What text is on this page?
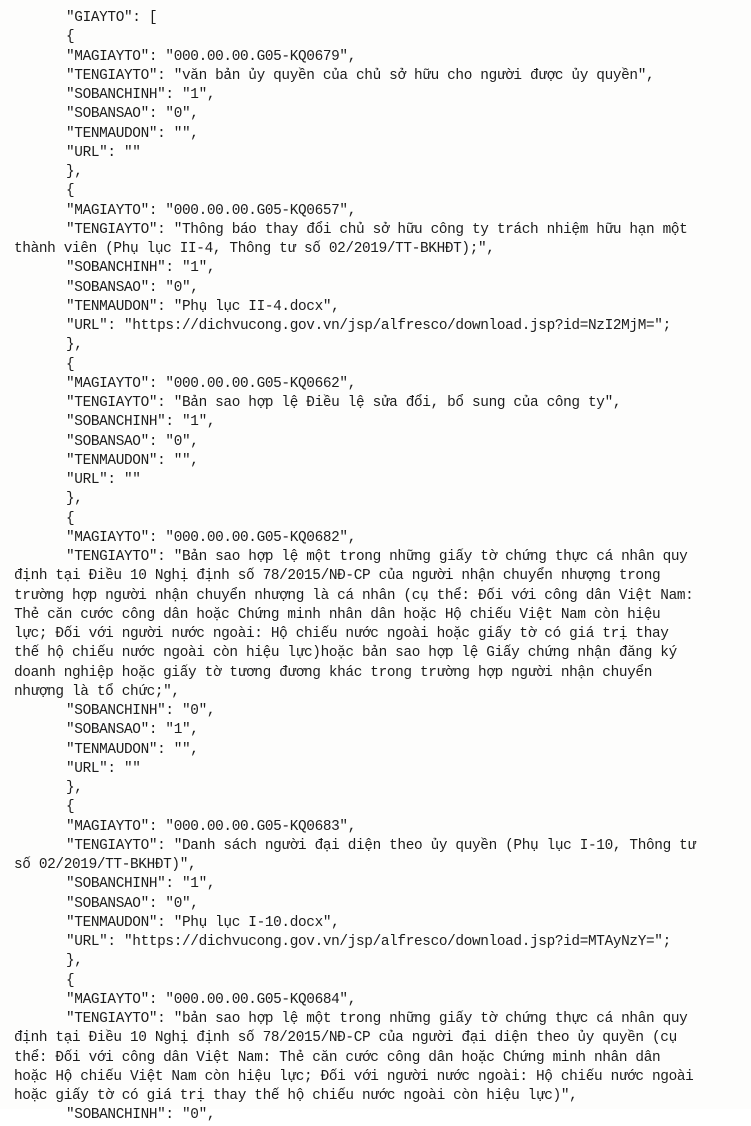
"GIAYTO": [
{
"MAGIAYTO": "000.00.00.G05-KQ0679",
"TENGIAYTO": "văn bản ủy quyền của chủ sở hữu cho người được ủy quyền",
"SOBANCHINH": "1",
"SOBANSAO": "0",
"TENMAUDON": "",
"URL": ""
},
{
"MAGIAYTO": "000.00.00.G05-KQ0657",
"TENGIAYTO": "Thông báo thay đổi chủ sở hữu công ty trách nhiệm hữu hạn một
thành viên (Phụ lục II-4, Thông tư số 02/2019/TT-BKHĐT);",
"SOBANCHINH": "1",
"SOBANSAO": "0",
"TENMAUDON": "Phụ lục II-4.docx",
"URL": "https://dichvucong.gov.vn/jsp/alfresco/download.jsp?id=NzI2MjM=";
},
{
"MAGIAYTO": "000.00.00.G05-KQ0662",
"TENGIAYTO": "Bản sao hợp lệ Điều lệ sửa đổi, bổ sung của công ty",
"SOBANCHINH": "1",
"SOBANSAO": "0",
"TENMAUDON": "",
"URL": ""
},
{
"MAGIAYTO": "000.00.00.G05-KQ0682",
"TENGIAYTO": "Bản sao hợp lệ một trong những giấy tờ chứng thực cá nhân quy
định tại Điều 10 Nghị định số 78/2015/NĐ-CP của người nhận chuyển nhượng trong
trường hợp người nhận chuyển nhượng là cá nhân (cụ thể: Đối với công dân Việt Nam:
Thẻ căn cước công dân hoặc Chứng minh nhân dân hoặc Hộ chiếu Việt Nam còn hiệu
lực; Đối với người nước ngoài: Hộ chiếu nước ngoài hoặc giấy tờ có giá trị thay
thế hộ chiếu nước ngoài còn hiệu lực)hoặc bản sao hợp lệ Giấy chứng nhận đăng ký
doanh nghiệp hoặc giấy tờ tương đương khác trong trường hợp người nhận chuyển
nhượng là tổ chức;",
"SOBANCHINH": "0",
"SOBANSAO": "1",
"TENMAUDON": "",
"URL": ""
},
{
"MAGIAYTO": "000.00.00.G05-KQ0683",
"TENGIAYTO": "Danh sách người đại diện theo ủy quyền (Phụ lục I-10, Thông tư
số 02/2019/TT-BKHĐT)",
"SOBANCHINH": "1",
"SOBANSAO": "0",
"TENMAUDON": "Phụ lục I-10.docx",
"URL": "https://dichvucong.gov.vn/jsp/alfresco/download.jsp?id=MTAyNzY=";
},
{
"MAGIAYTO": "000.00.00.G05-KQ0684",
"TENGIAYTO": "bản sao hợp lệ một trong những giấy tờ chứng thực cá nhân quy
định tại Điều 10 Nghị định số 78/2015/NĐ-CP của người đại diện theo ủy quyền (cụ
thể: Đối với công dân Việt Nam: Thẻ căn cước công dân hoặc Chứng minh nhân dân
hoặc Hộ chiếu Việt Nam còn hiệu lực; Đối với người nước ngoài: Hộ chiếu nước ngoài
hoặc giấy tờ có giá trị thay thế hộ chiếu nước ngoài còn hiệu lực)",
"SOBANCHINH": "0",
